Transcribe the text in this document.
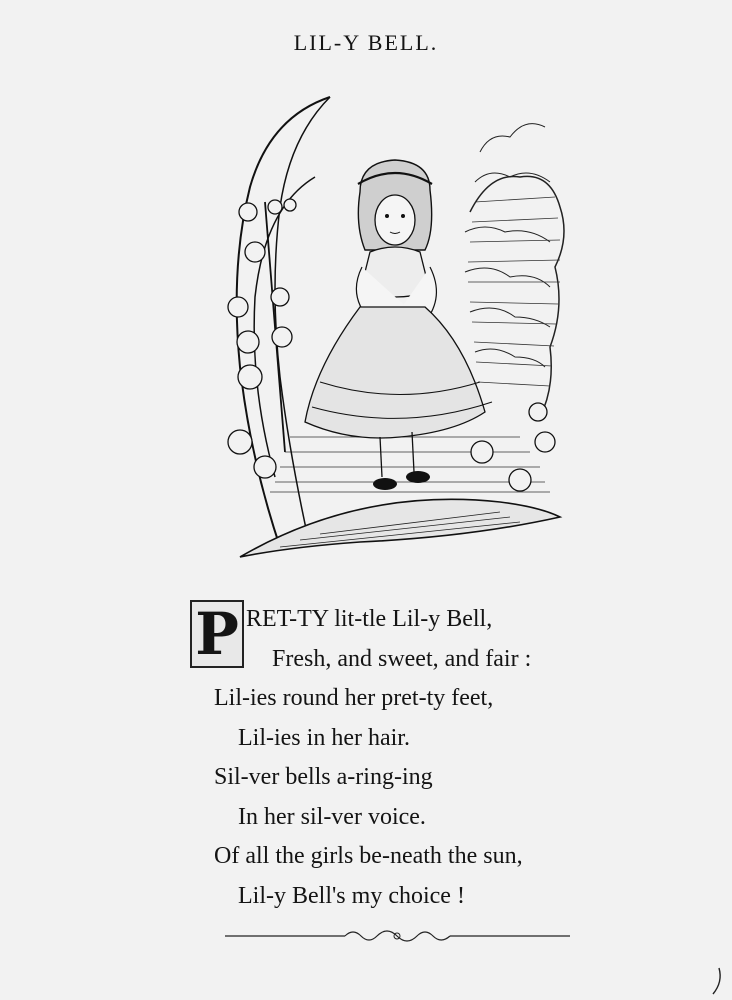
LIL-Y BELL.
P RET-TY lit-tle Lil-y Bell,
Fresh, and sweet, and fair :
Lil-ies round her pret-ty feet,
Lil-ies in her hair.
Sil-ver bells a-ring-ing
In her sil-ver voice.
Of all the girls be-neath the sun,
Lil-y Bell's my choice !
